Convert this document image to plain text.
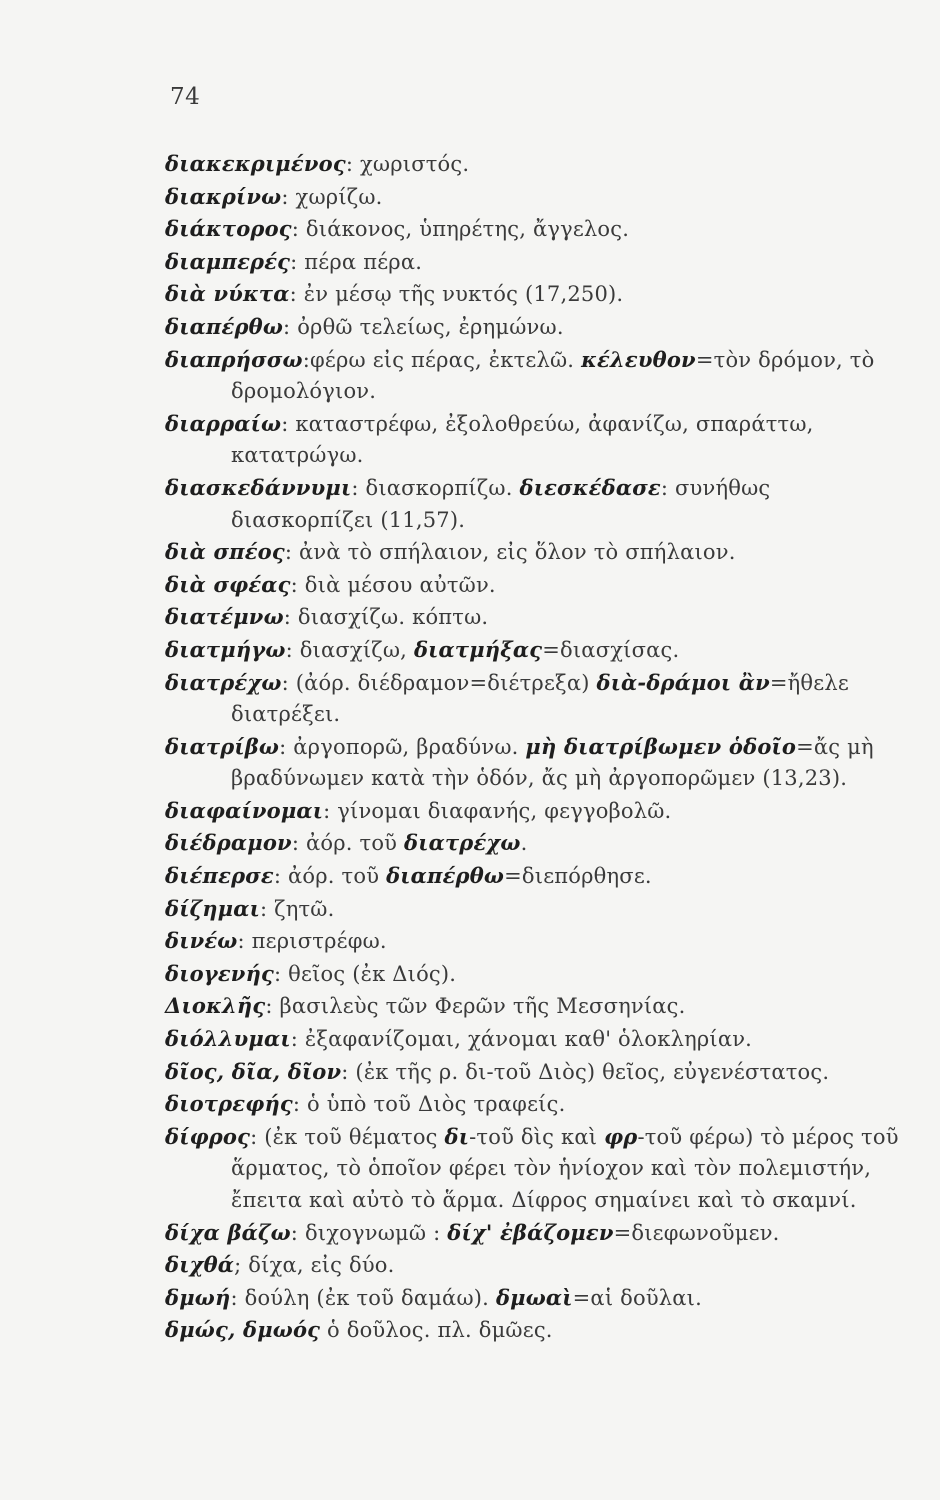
74
διακεκριμένος: χωριστός.
διακρίνω: χωρίζω.
διάκτορος: διάκονος, ὑπηρέτης, ἄγγελος.
διαμπερές: πέρα πέρα.
διὰ νύκτα: ἐν μέσῳ τῆς νυκτός (17,250).
διαπέρθω: ὀρθῶ τελείως, ἐρημώνω.
διαπρήσσω:φέρω εἰς πέρας, ἐκτελῶ. κέλευθον=τὸν δρόμον, τὸ δρομολόγιον.
διαρραίω: καταστρέφω, ἐξολοθρεύω, ἀφανίζω, σπαράττω, κατατρώγω.
διασκεδάννυμι: διασκορπίζω. διεσκέδασε: συνήθως διασκορπίζει (11,57).
διὰ σπέος: ἀνὰ τὸ σπήλαιον, εἰς ὅλον τὸ σπήλαιον.
διὰ σφέας: διὰ μέσου αὐτῶν.
διατέμνω: διασχίζω. κόπτω.
διατμήγω: διασχίζω, διατμήξας=διασχίσας.
διατρέχω: (ἀόρ. διέδραμον=διέτρεξα) διὰ-δράμοι ἂν=ἤθελε διατρέξει.
διατρίβω: ἀργοπορῶ, βραδύνω. μὴ διατρίβωμεν ὁδοῖο=ἄς μὴ βραδύνωμεν κατὰ τὴν ὁδόν, ἄς μὴ ἀργοπορῶμεν (13,23).
διαφαίνομαι: γίνομαι διαφανής, φεγγοβολῶ.
διέδραμον: ἀόρ. τοῦ διατρέχω.
διέπερσε: ἀόρ. τοῦ διαπέρθω=διεπόρθησε.
δίζημαι: ζητῶ.
δινέω: περιστρέφω.
διογενής: θεῖος (ἐκ Διός).
Διοκλῆς: βασιλεὺς τῶν Φερῶν τῆς Μεσσηνίας.
διόλλυμαι: ἐξαφανίζομαι, χάνομαι καθ' ὁλοκληρίαν.
δῖος, δῖα, δῖον: (ἐκ τῆς ρ. δι-τοῦ Διὸς) θεῖος, εὐγενέστατος.
διοτρεφής: ὁ ὑπὸ τοῦ Διὸς τραφείς.
δίφρος: (ἐκ τοῦ θέματος δι-τοῦ δὶς καὶ φρ-τοῦ φέρω) τὸ μέρος τοῦ ἅρματος, τὸ ὁποῖον φέρει τὸν ἡνίοχον καὶ τὸν πολεμιστήν, ἔπειτα καὶ αὐτὸ τὸ ἅρμα. Δίφρος σημαίνει καὶ τὸ σκαμνί.
δίχα βάζω: διχογνωμῶ : δίχ' ἐβάζομεν=διεφωνοῦμεν.
διχθά; δίχα, εἰς δύο.
δμωή: δούλη (ἐκ τοῦ δαμάω). δμωαὶ=αἱ δοῦλαι.
δμώς, δμωός ὁ δοῦλος. πλ. δμῶες.
